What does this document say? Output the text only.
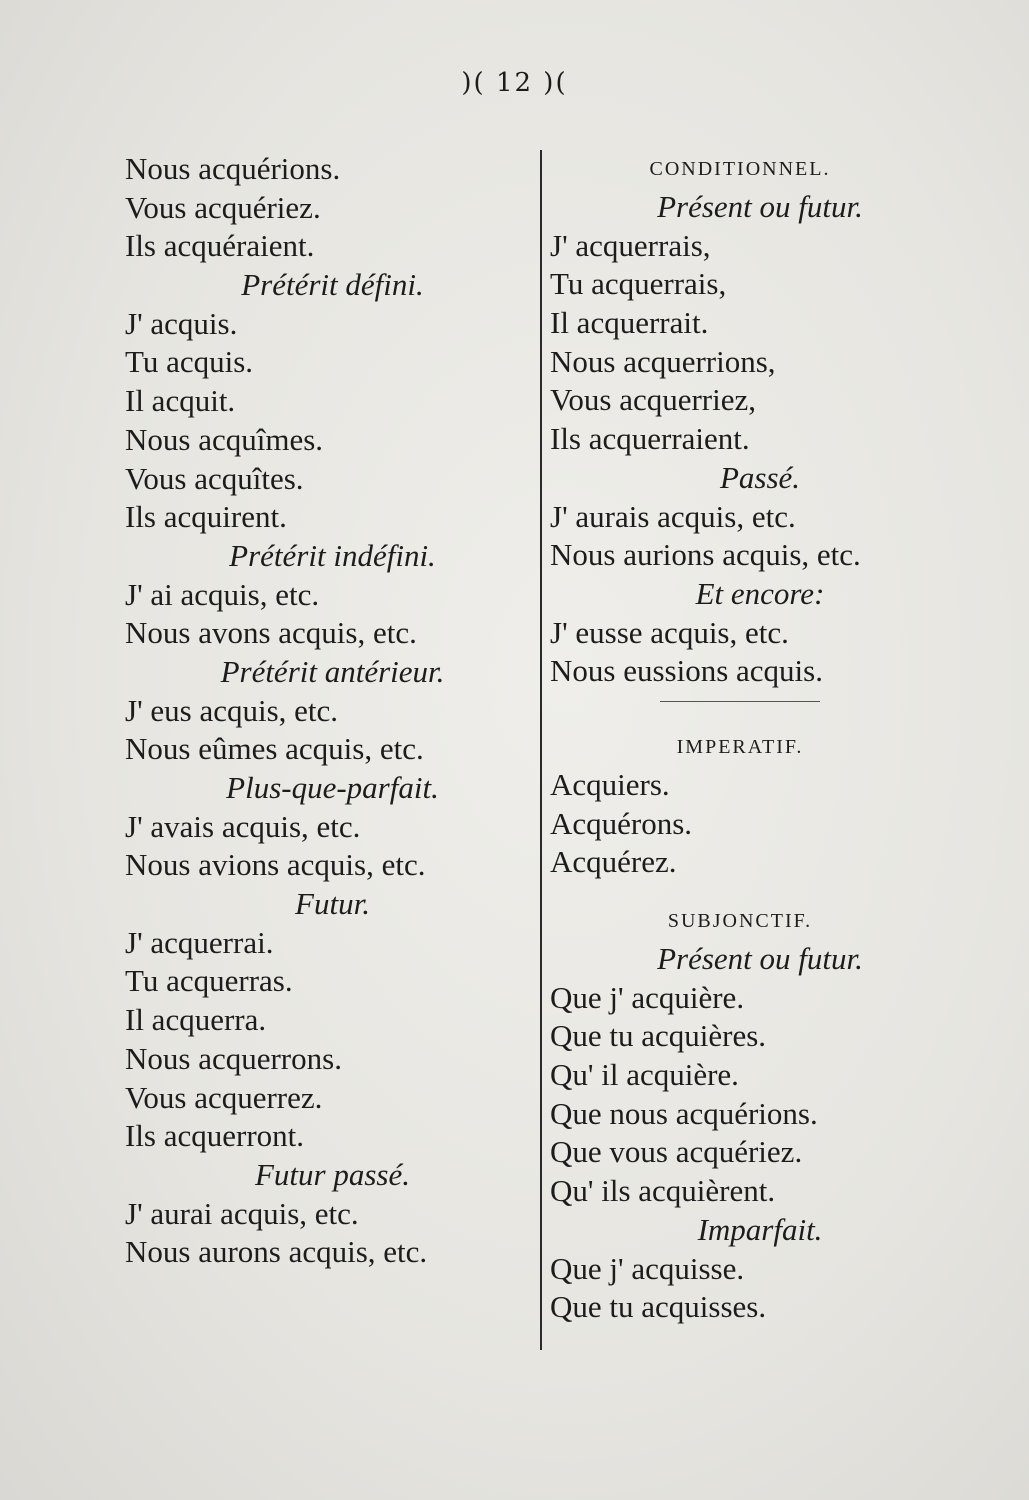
)( 12 )(
Nous acquérions.
Vous acquériez.
Ils acquéraient.
Prétérit défini.
J' acquis.
Tu acquis.
Il acquit.
Nous acquîmes.
Vous acquîtes.
Ils acquirent.
Prétérit indéfini.
J' ai acquis, etc.
Nous avons acquis, etc.
Prétérit antérieur.
J' eus acquis, etc.
Nous eûmes acquis, etc.
Plus-que-parfait.
J' avais acquis, etc.
Nous avions acquis, etc.
Futur.
J' acquerrai.
Tu acquerras.
Il acquerra.
Nous acquerrons.
Vous acquerrez.
Ils acquerront.
Futur passé.
J' aurai acquis, etc.
Nous aurons acquis, etc.
CONDITIONNEL.
Présent ou futur.
J' acquerrais,
Tu acquerrais,
Il acquerrait.
Nous acquerrions,
Vous acquerriez,
Ils acquerraient.
Passé.
J' aurais acquis, etc.
Nous aurions acquis, etc.
Et encore:
J' eusse acquis, etc.
Nous eussions acquis.
IMPERATIF.
Acquiers.
Acquérons.
Acquérez.
SUBJONCTIF.
Présent ou futur.
Que j' acquière.
Que tu acquières.
Qu' il acquière.
Que nous acquérions.
Que vous acquériez.
Qu' ils acquièrent.
Imparfait.
Que j' acquisse.
Que tu acquisses.
